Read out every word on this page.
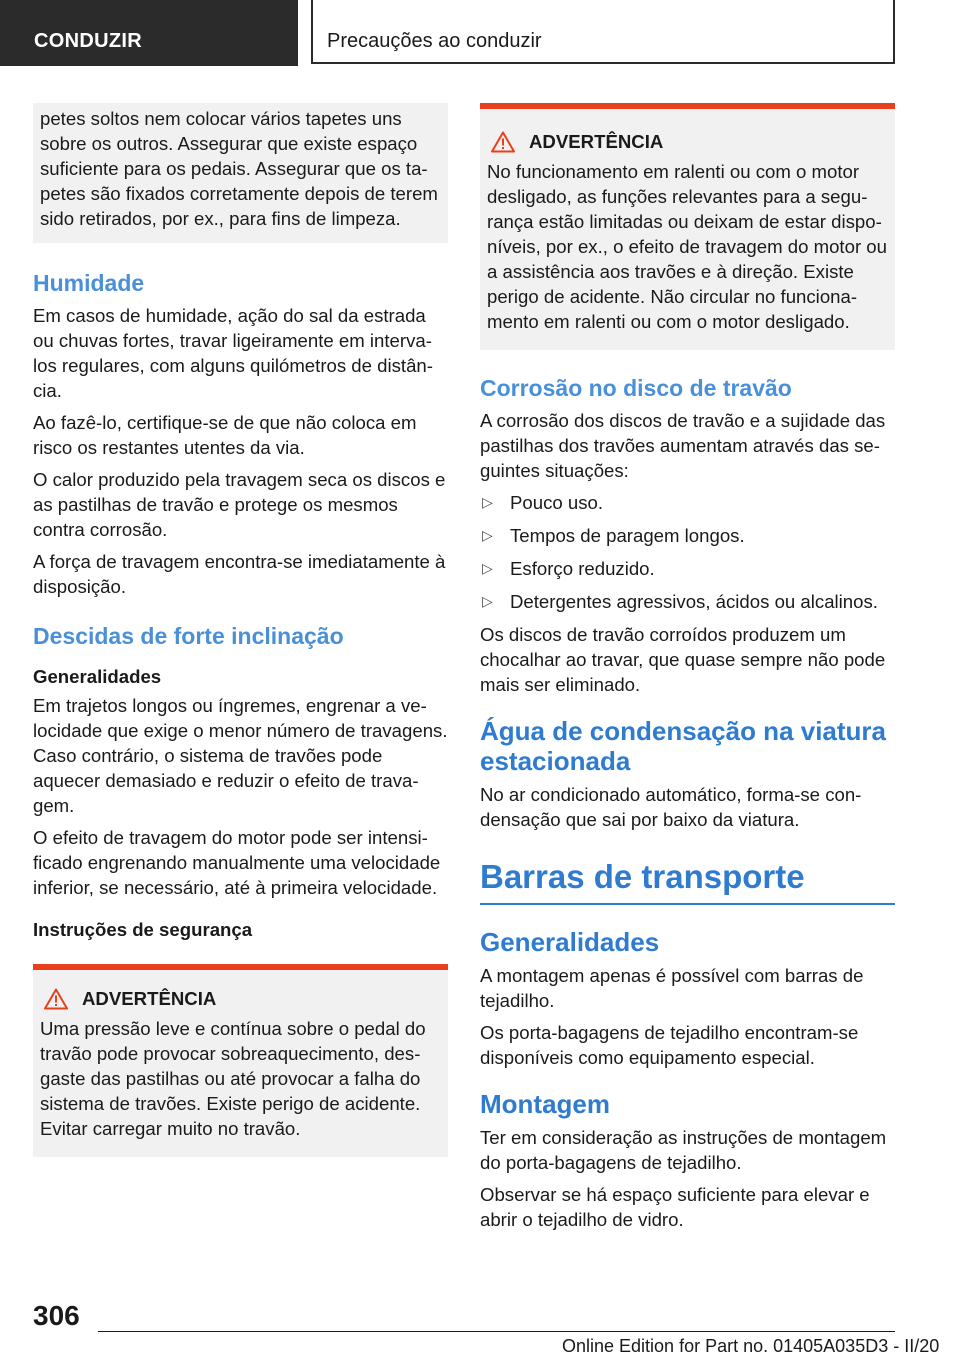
CONDUZIR	Precauções ao conduzir

petes soltos nem colocar vários tapetes uns sobre os outros. Assegurar que existe espaço suficiente para os pedais. Assegurar que os tapetes são fixados corretamente depois de terem sido retirados, por ex., para fins de limpeza.

Humidade

Em casos de humidade, ação do sal da estrada ou chuvas fortes, travar ligeiramente em intervalos regulares, com alguns quilómetros de distância.

Ao fazê-lo, certifique-se de que não coloca em risco os restantes utentes da via.

O calor produzido pela travagem seca os discos e as pastilhas de travão e protege os mesmos contra corrosão.

A força de travagem encontra-se imediatamente à disposição.

Descidas de forte inclinação
Generalidades

Em trajetos longos ou íngremes, engrenar a velocidade que exige o menor número de travagens. Caso contrário, o sistema de travões pode aquecer demasiado e reduzir o efeito de travagem.

O efeito de travagem do motor pode ser intensificado engrenando manualmente uma velocidade inferior, se necessário, até à primeira velocidade.

Instruções de segurança
ADVERTÊNCIA

Uma pressão leve e contínua sobre o pedal do travão pode provocar sobreaquecimento, desgaste das pastilhas ou até provocar a falha do sistema de travões. Existe perigo de acidente. Evitar carregar muito no travão.

ADVERTÊNCIA

No funcionamento em ralenti ou com o motor desligado, as funções relevantes para a segurança estão limitadas ou deixam de estar disponíveis, por ex., o efeito de travagem do motor ou a assistência aos travões e à direção. Existe perigo de acidente. Não circular no funcionamento em ralenti ou com o motor desligado.

Corrosão no disco de travão

A corrosão dos discos de travão e a sujidade das pastilhas dos travões aumentam através das seguintes situações:

▷ Pouco uso.
▷ Tempos de paragem longos.
▷ Esforço reduzido.
▷ Detergentes agressivos, ácidos ou alcalinos.

Os discos de travão corroídos produzem um chocalhar ao travar, que quase sempre não pode mais ser eliminado.

Água de condensação na viatura estacionada

No ar condicionado automático, forma-se condensação que sai por baixo da viatura.

Barras de transporte
Generalidades

A montagem apenas é possível com barras de tejadilho.

Os porta-bagagens de tejadilho encontram-se disponíveis como equipamento especial.

Montagem

Ter em consideração as instruções de montagem do porta-bagagens de tejadilho.

Observar se há espaço suficiente para elevar e abrir o tejadilho de vidro.

306
Online Edition for Part no. 01405A035D3 - II/20
